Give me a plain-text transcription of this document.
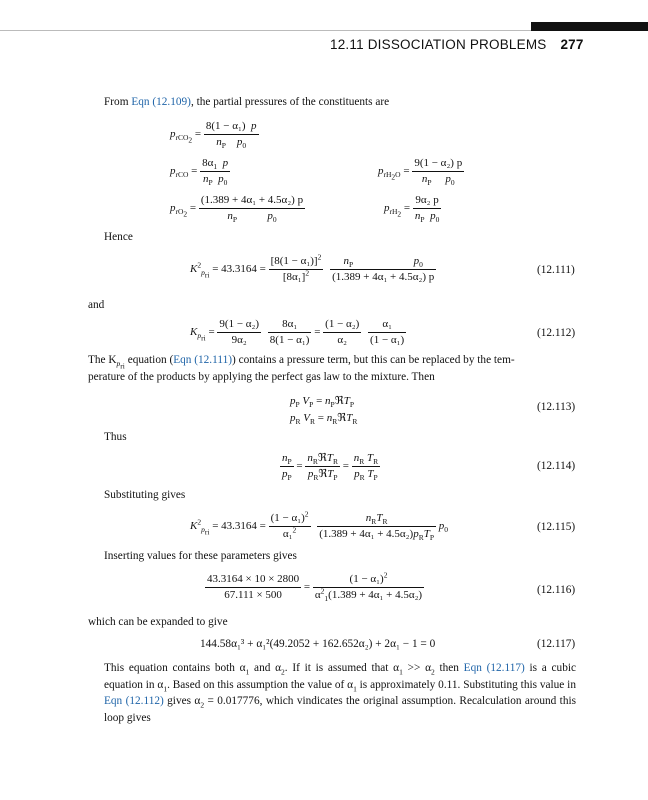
12.11 DISSOCIATION PROBLEMS 277
From Eqn (12.109), the partial pressures of the constituents are
$p_{rCO_2} = \frac{\text{8(1 − α₁) p}}{n_P p_0}$
$p_{rCO} = \frac{8\alpha_1 p}{n_P p_0}$	$p_{rH_2O} = \frac{\text{9(1 − α₂) p}}{n_P p_0}$
$p_{rO_2} = (1.389 + 4\alpha_1 + 4.5\alpha_2)$ p
$n_P$	$p_0$	$p_{rH_2} = \frac{\text{9α₂ p}}{n_P p_0}$
Hence
$K^2_{p_{ri}} = 43.3164 = \frac{[8(1 - \alpha_1)]^2}{[8\alpha_1]^2}$
$n_P$	$p_0$
(1.389 + 4α₁ + 4.5α₂) p	(12.111)
and
$K_{p_{ri}} = \frac{\text{9(1 − α₂)}}{\text{9α₂}}$
$\frac{\text{8α₁}}{\text{8(1 − α₁)}} = \frac{\text{(1 − α₂)}}{\text{α₂}}$
$\frac{\text{α₁}}{\text{(1 − α₁)}}$	(12.112)
The $K_{p_{ri}}$ equation (Eqn (12.111)) contains a pressure term, but this can be replaced by the tem-
perature of the products by applying the perfect gas law to the mixture. Then
$p_P$ $V_P$ = $n_PℜT_P$
$p_R$ $V_R$ = $n_RℜT_R$
(12.113)
Thus
$\frac{n_P}{p_P} = \frac{n_RℜT_R}{p_RℜT_P} = \frac{n_R T_R}{p_R T_P}$	(12.114)
Substituting gives
$K^2_{p_{ri}} = 43.3164 = \frac{(1 - \alpha_1)^2}{\alpha_1^2}$
$\frac{n_RT_R}{(1.389 + 4\alpha_1 + 4.5\alpha_2)p_RT_P} p_0$	(12.115)
Inserting values for these parameters gives
$\frac{43.3164 \times 10 \times 2800}{67.111 \times 500} = \frac{(1 - \alpha_1)^2}{\alpha^2_1(1.389 + 4\alpha_1 + 4.5\alpha_2)}$	(12.116)
which can be expanded to give
144.58α₁³ + α₁²(49.2052 + 162.652α₂) + 2α₁ − 1 = 0	(12.117)
This equation contains both $\alpha_1$ and $\alpha_2$. If it is assumed that $\alpha_1 >> \alpha_2$ then Eqn (12.117) is a cubic equation in $\alpha_1$. Based on this assumption the value of $\alpha_1$ is approximately 0.11. Substituting this value in Eqn (12.112) gives $\alpha_2 = 0.017776$, which vindicates the original assumption. Recalculation around this loop gives
